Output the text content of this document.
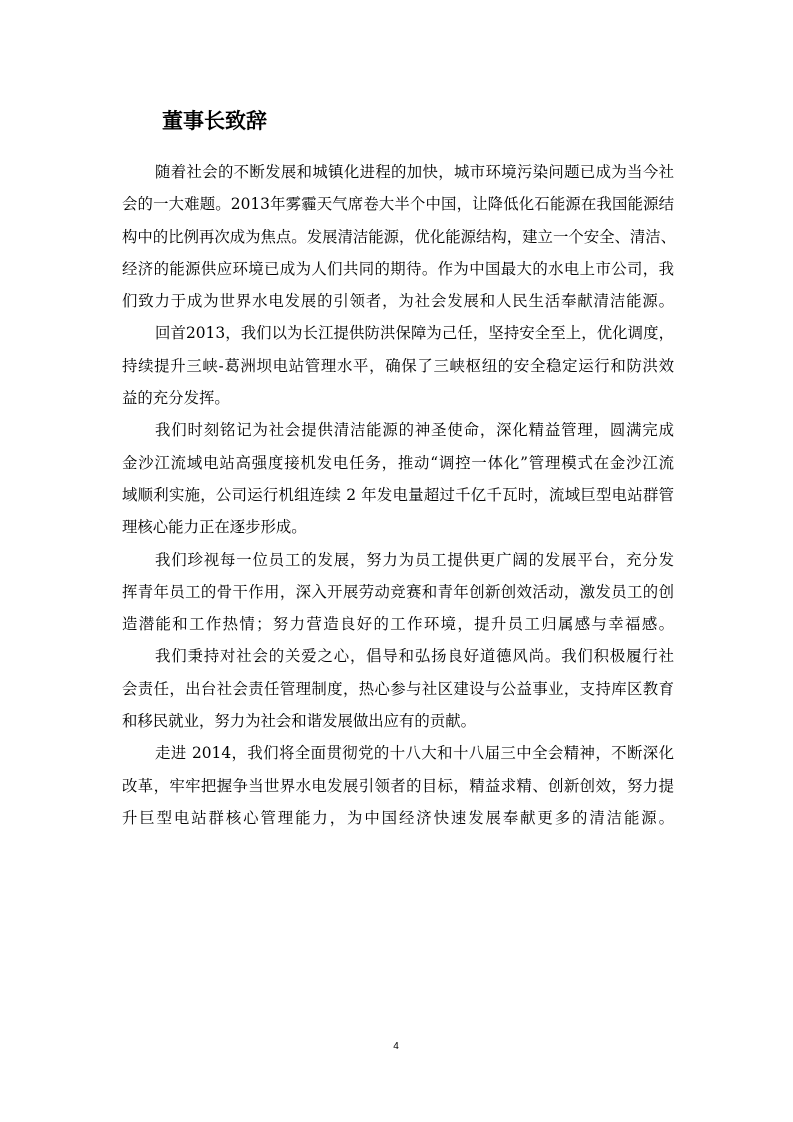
董事长致辞

随着社会的不断发展和城镇化进程的加快，城市环境污染问题已成为当今社
会的一大难题。2013年雾霾天气席卷大半个中国，让降低化石能源在我国能源结
构中的比例再次成为焦点。发展清洁能源，优化能源结构，建立一个安全、清洁、
经济的能源供应环境已成为人们共同的期待。作为中国最大的水电上市公司，我
们致力于成为世界水电发展的引领者，为社会发展和人民生活奉献清洁能源。

回首2013，我们以为长江提供防洪保障为己任，坚持安全至上，优化调度，
持续提升三峡-葛洲坝电站管理水平，确保了三峡枢纽的安全稳定运行和防洪效
益的充分发挥。

我们时刻铭记为社会提供清洁能源的神圣使命，深化精益管理，圆满完成
金沙江流域电站高强度接机发电任务，推动“调控一体化”管理模式在金沙江流
域顺利实施，公司运行机组连续 2 年发电量超过千亿千瓦时，流域巨型电站群管
理核心能力正在逐步形成。

我们珍视每一位员工的发展，努力为员工提供更广阔的发展平台，充分发
挥青年员工的骨干作用，深入开展劳动竞赛和青年创新创效活动，激发员工的创
造潜能和工作热情；努力营造良好的工作环境，提升员工归属感与幸福感。

我们秉持对社会的关爱之心，倡导和弘扬良好道德风尚。我们积极履行社
会责任，出台社会责任管理制度，热心参与社区建设与公益事业，支持库区教育
和移民就业，努力为社会和谐发展做出应有的贡献。

走进 2014，我们将全面贯彻党的十八大和十八届三中全会精神，不断深化
改革，牢牢把握争当世界水电发展引领者的目标，精益求精、创新创效，努力提
升巨型电站群核心管理能力，为中国经济快速发展奉献更多的清洁能源。

4
